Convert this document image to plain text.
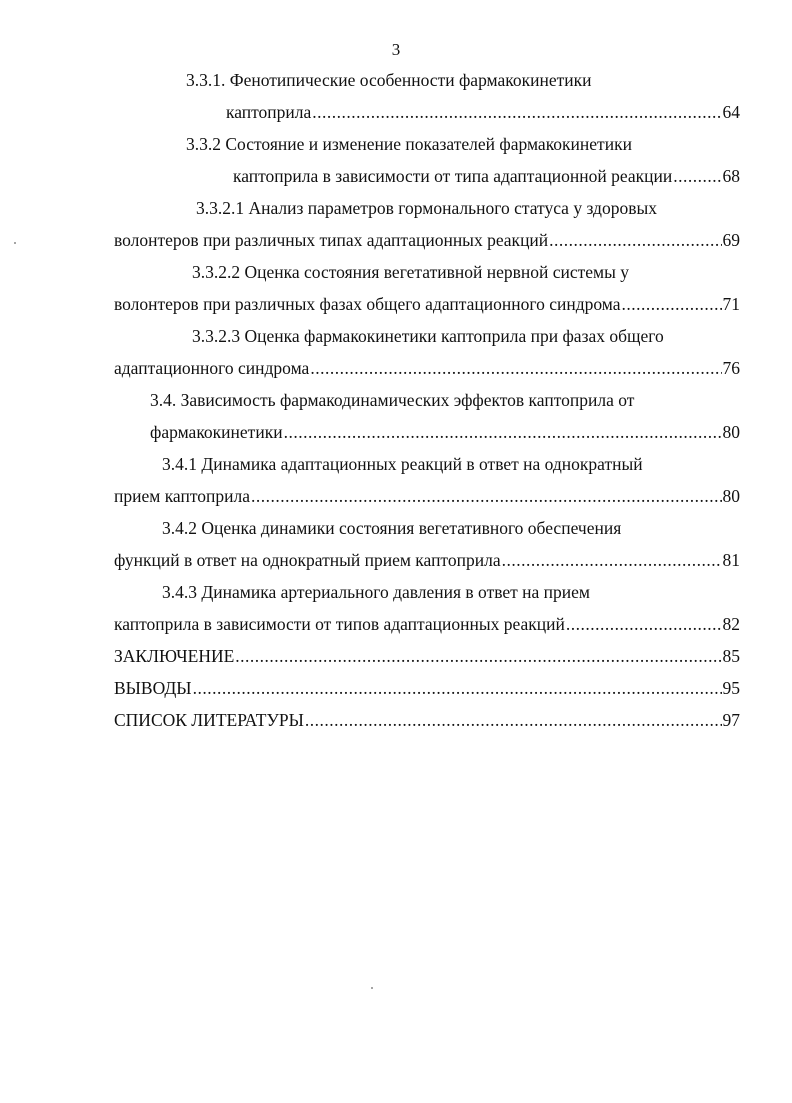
3
3.3.1. Фенотипические особенности фармакокинетики
каптоприла .....	64
3.3.2 Состояние и изменение показателей фармакокинетики
каптоприла в зависимости от типа адаптационной реакции .....	68
3.3.2.1 Анализ параметров гормонального статуса у здоровых
волонтеров при различных типах адаптационных реакций .....	69
3.3.2.2 Оценка состояния вегетативной нервной системы у
волонтеров при различных фазах общего адаптационного синдрома .....	71
3.3.2.3 Оценка фармакокинетики каптоприла при фазах общего
адаптационного синдрома .....	76
3.4. Зависимость фармакодинамических эффектов каптоприла от
фармакокинетики .....	80
3.4.1 Динамика адаптационных реакций в ответ на однократный
прием каптоприла .....	80
3.4.2 Оценка динамики состояния вегетативного обеспечения
функций в ответ на однократный прием каптоприла .....	81
3.4.3 Динамика артериального давления в ответ на прием
каптоприла в зависимости от типов адаптационных реакций .....	82
ЗАКЛЮЧЕНИЕ .....	85
ВЫВОДЫ .....	95
СПИСОК ЛИТЕРАТУРЫ .....	97
